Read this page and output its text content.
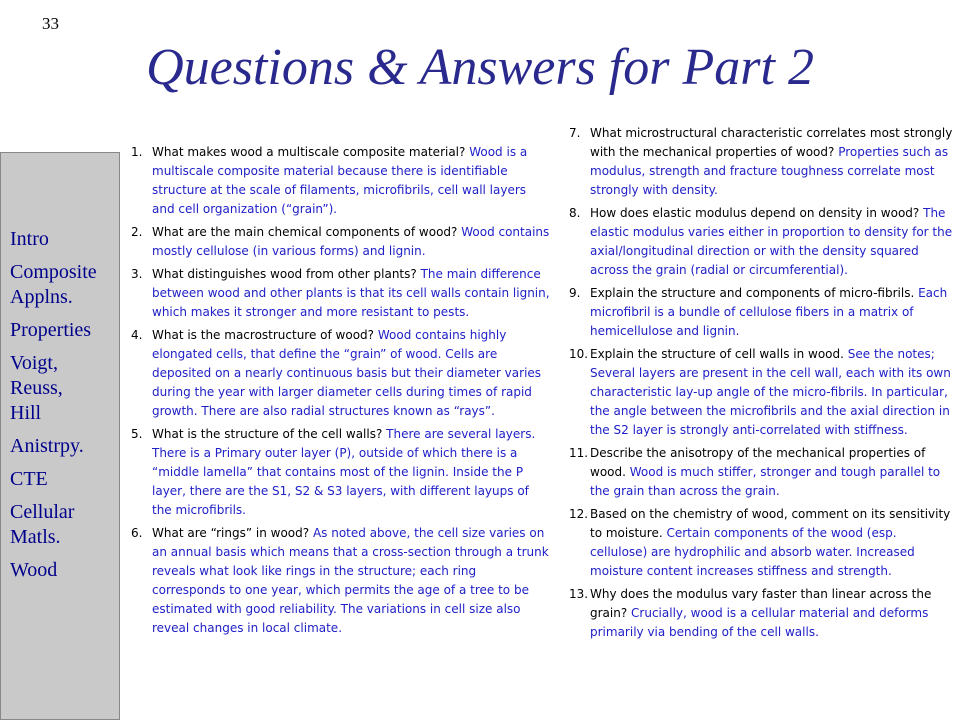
33
Questions & Answers for Part 2
Intro
Composite
Applns.
Properties
Voigt,
Reuss,
Hill
Anistrpy.
CTE
Cellular
Matls.
Wood
1. What makes wood a multiscale composite material? Wood is a multiscale composite material because there is identifiable structure at the scale of filaments, microfibrils, cell wall layers and cell organization (“grain”).
2. What are the main chemical components of wood? Wood contains mostly cellulose (in various forms) and lignin.
3. What distinguishes wood from other plants? The main difference between wood and other plants is that its cell walls contain lignin, which makes it stronger and more resistant to pests.
4. What is the macrostructure of wood? Wood contains highly elongated cells, that define the “grain” of wood. Cells are deposited on a nearly continuous basis but their diameter varies during the year with larger diameter cells during times of rapid growth. There are also radial structures known as “rays”.
5. What is the structure of the cell walls? There are several layers. There is a Primary outer layer (P), outside of which there is a “middle lamella” that contains most of the lignin. Inside the P layer, there are the S1, S2 & S3 layers, with different layups of the microfibrils.
6. What are “rings” in wood? As noted above, the cell size varies on an annual basis which means that a cross-section through a trunk reveals what look like rings in the structure; each ring corresponds to one year, which permits the age of a tree to be estimated with good reliability. The variations in cell size also reveal changes in local climate.
7. What microstructural characteristic correlates most strongly with the mechanical properties of wood? Properties such as modulus, strength and fracture toughness correlate most strongly with density.
8. How does elastic modulus depend on density in wood? The elastic modulus varies either in proportion to density for the axial/longitudinal direction or with the density squared across the grain (radial or circumferential).
9. Explain the structure and components of micro-fibrils. Each microfibril is a bundle of cellulose fibers in a matrix of hemicellulose and lignin.
10. Explain the structure of cell walls in wood. See the notes; Several layers are present in the cell wall, each with its own characteristic lay-up angle of the micro-fibrils. In particular, the angle between the microfibrils and the axial direction in the S2 layer is strongly anti-correlated with stiffness.
11. Describe the anisotropy of the mechanical properties of wood. Wood is much stiffer, stronger and tough parallel to the grain than across the grain.
12. Based on the chemistry of wood, comment on its sensitivity to moisture. Certain components of the wood (esp. cellulose) are hydrophilic and absorb water. Increased moisture content increases stiffness and strength.
13. Why does the modulus vary faster than linear across the grain? Crucially, wood is a cellular material and deforms primarily via bending of the cell walls.
